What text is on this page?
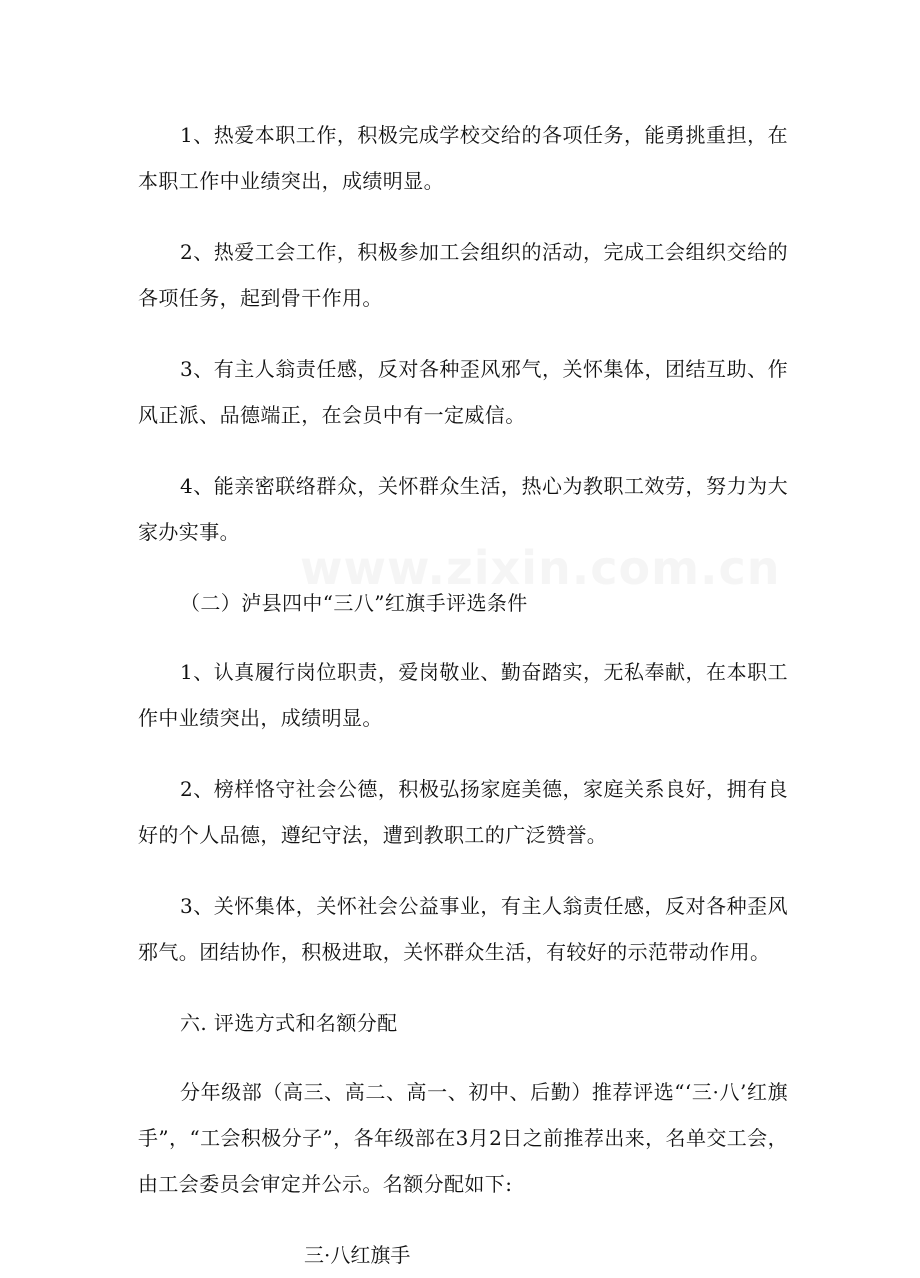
www.zixin.com.cn

1、热爱本职工作，积极完成学校交给的各项任务，能勇挑重担，在本职工作中业绩突出，成绩明显。

2、热爱工会工作，积极参加工会组织的活动，完成工会组织交给的各项任务，起到骨干作用。

3、有主人翁责任感，反对各种歪风邪气，关怀集体，团结互助、作风正派、品德端正，在会员中有一定威信。

4、能亲密联络群众，关怀群众生活，热心为教职工效劳，努力为大家办实事。

（二）泸县四中“三八”红旗手评选条件

1、认真履行岗位职责，爱岗敬业、勤奋踏实，无私奉献，在本职工作中业绩突出，成绩明显。

2、榜样恪守社会公德，积极弘扬家庭美德，家庭关系良好，拥有良好的个人品德，遵纪守法，遭到教职工的广泛赞誉。

3、关怀集体，关怀社会公益事业，有主人翁责任感，反对各种歪风邪气。团结协作，积极进取，关怀群众生活，有较好的示范带动作用。

六. 评选方式和名额分配

分年级部（高三、高二、高一、初中、后勤）推荐评选“‘三·八’红旗手”，“工会积极分子”，各年级部在3月2日之前推荐出来，名单交工会，由工会委员会审定并公示。名额分配如下:

三·八红旗手
